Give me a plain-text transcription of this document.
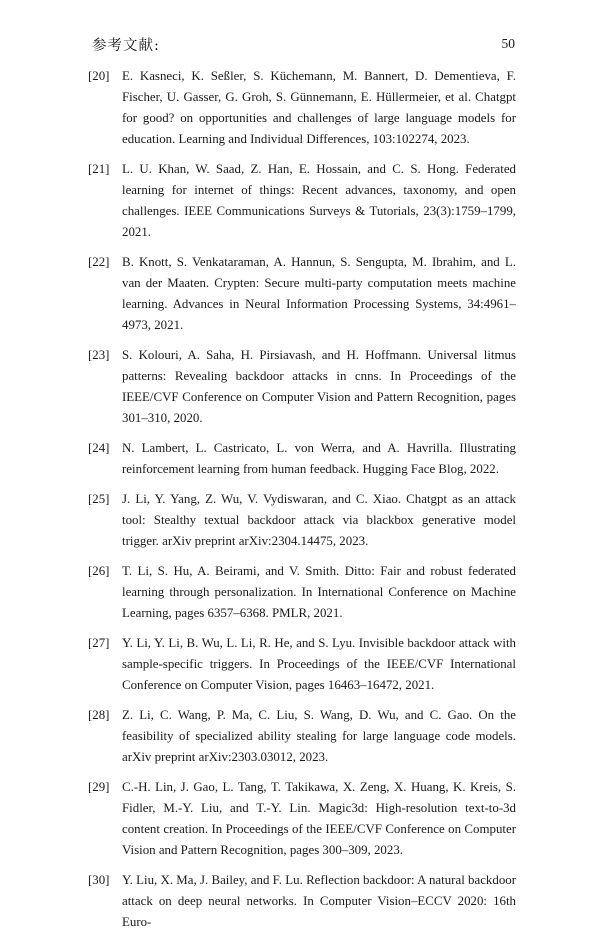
参考文献:	50
[20] E. Kasneci, K. Seßler, S. Küchemann, M. Bannert, D. Dementieva, F. Fischer, U. Gasser, G. Groh, S. Günnemann, E. Hüllermeier, et al. Chatgpt for good? on opportunities and challenges of large language models for education. Learning and Individual Differences, 103:102274, 2023.
[21] L. U. Khan, W. Saad, Z. Han, E. Hossain, and C. S. Hong. Federated learning for internet of things: Recent advances, taxonomy, and open challenges. IEEE Communications Surveys & Tutorials, 23(3):1759–1799, 2021.
[22] B. Knott, S. Venkataraman, A. Hannun, S. Sengupta, M. Ibrahim, and L. van der Maaten. Crypten: Secure multi-party computation meets machine learning. Advances in Neural Information Processing Systems, 34:4961–4973, 2021.
[23] S. Kolouri, A. Saha, H. Pirsiavash, and H. Hoffmann. Universal litmus patterns: Revealing backdoor attacks in cnns. In Proceedings of the IEEE/CVF Conference on Computer Vision and Pattern Recognition, pages 301–310, 2020.
[24] N. Lambert, L. Castricato, L. von Werra, and A. Havrilla. Illustrating reinforcement learning from human feedback. Hugging Face Blog, 2022.
[25] J. Li, Y. Yang, Z. Wu, V. Vydiswaran, and C. Xiao. Chatgpt as an attack tool: Stealthy textual backdoor attack via blackbox generative model trigger. arXiv preprint arXiv:2304.14475, 2023.
[26] T. Li, S. Hu, A. Beirami, and V. Smith. Ditto: Fair and robust federated learning through personalization. In International Conference on Machine Learning, pages 6357–6368. PMLR, 2021.
[27] Y. Li, Y. Li, B. Wu, L. Li, R. He, and S. Lyu. Invisible backdoor attack with sample-specific triggers. In Proceedings of the IEEE/CVF International Conference on Computer Vision, pages 16463–16472, 2021.
[28] Z. Li, C. Wang, P. Ma, C. Liu, S. Wang, D. Wu, and C. Gao. On the feasibility of specialized ability stealing for large language code models. arXiv preprint arXiv:2303.03012, 2023.
[29] C.-H. Lin, J. Gao, L. Tang, T. Takikawa, X. Zeng, X. Huang, K. Kreis, S. Fidler, M.-Y. Liu, and T.-Y. Lin. Magic3d: High-resolution text-to-3d content creation. In Proceedings of the IEEE/CVF Conference on Computer Vision and Pattern Recognition, pages 300–309, 2023.
[30] Y. Liu, X. Ma, J. Bailey, and F. Lu. Reflection backdoor: A natural backdoor attack on deep neural networks. In Computer Vision–ECCV 2020: 16th Euro-
